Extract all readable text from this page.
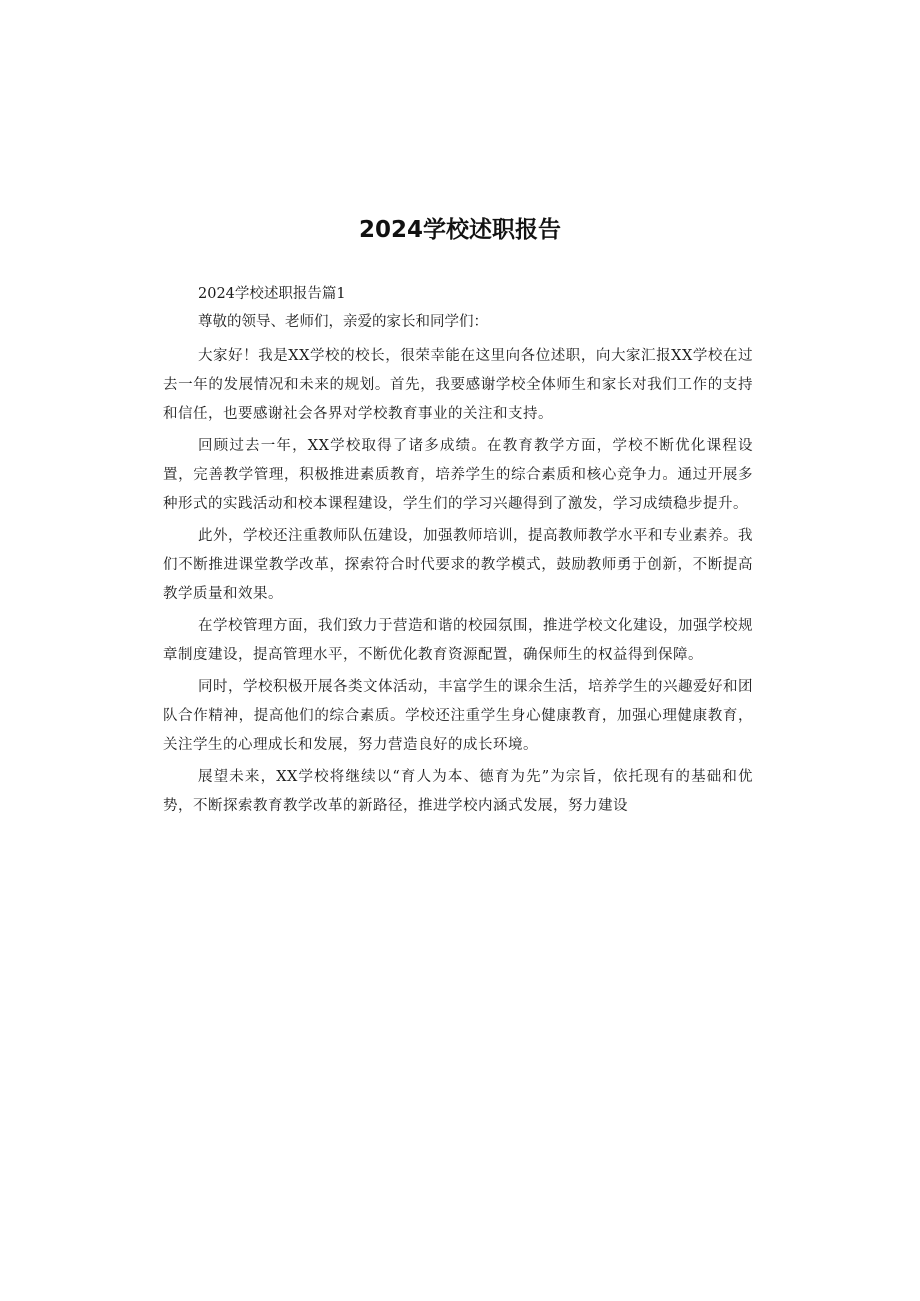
2024学校述职报告

2024学校述职报告篇1

尊敬的领导、老师们，亲爱的家长和同学们：

大家好！我是XX学校的校长，很荣幸能在这里向各位述职，向大家汇报XX学校在过去一年的发展情况和未来的规划。首先，我要感谢学校全体师生和家长对我们工作的支持和信任，也要感谢社会各界对学校教育事业的关注和支持。

回顾过去一年，XX学校取得了诸多成绩。在教育教学方面，学校不断优化课程设置，完善教学管理，积极推进素质教育，培养学生的综合素质和核心竞争力。通过开展多种形式的实践活动和校本课程建设，学生们的学习兴趣得到了激发，学习成绩稳步提升。

此外，学校还注重教师队伍建设，加强教师培训，提高教师教学水平和专业素养。我们不断推进课堂教学改革，探索符合时代要求的教学模式，鼓励教师勇于创新，不断提高教学质量和效果。

在学校管理方面，我们致力于营造和谐的校园氛围，推进学校文化建设，加强学校规章制度建设，提高管理水平，不断优化教育资源配置，确保师生的权益得到保障。

同时，学校积极开展各类文体活动，丰富学生的课余生活，培养学生的兴趣爱好和团队合作精神，提高他们的综合素质。学校还注重学生身心健康教育，加强心理健康教育，关注学生的心理成长和发展，努力营造良好的成长环境。

展望未来，XX学校将继续以“育人为本、德育为先”为宗旨，依托现有的基础和优势，不断探索教育教学改革的新路径，推进学校内涵式发展，努力建设
